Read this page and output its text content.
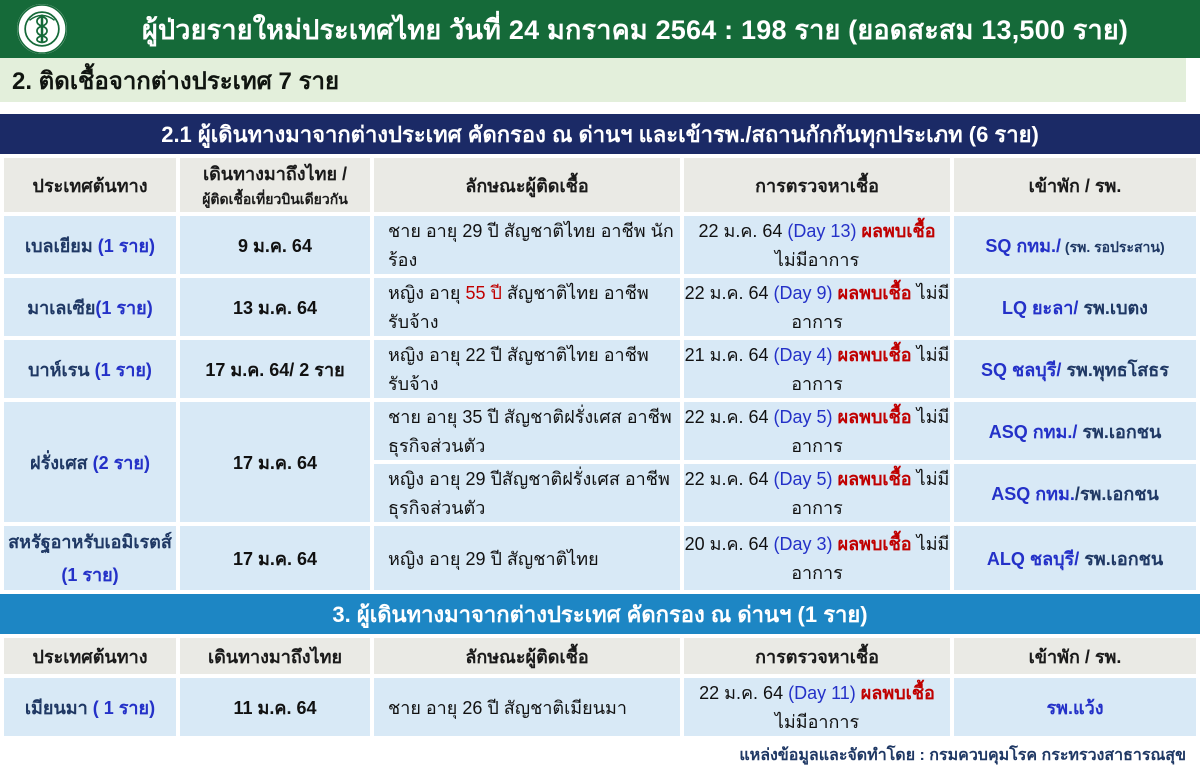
ผู้ป่วยรายใหม่ประเทศไทย วันที่ 24 มกราคม 2564 : 198 ราย (ยอดสะสม 13,500 ราย)
2. ติดเชื้อจากต่างประเทศ 7 ราย
2.1 ผู้เดินทางมาจากต่างประเทศ คัดกรอง ณ ด่านฯ และเข้ารพ./สถานกักกันทุกประเภท (6 ราย)
ประเทศต้นทาง	เดินทางมาถึงไทย /
ผู้ติดเชื้อเที่ยวบินเดียวกัน	ลักษณะผู้ติดเชื้อ	การตรวจหาเชื้อ	เข้าพัก / รพ.
เบลเยียม (1 ราย)	9 ม.ค. 64	ชาย อายุ 29 ปี สัญชาติไทย อาชีพ นักร้อง	22 ม.ค. 64 (Day 13) ผลพบเชื้อ ไม่มีอาการ	SQ กทม./ (รพ. รอประสาน)
มาเลเซีย(1 ราย)	13 ม.ค. 64	หญิง อายุ 55 ปี สัญชาติไทย อาชีพ รับจ้าง	22 ม.ค. 64 (Day 9) ผลพบเชื้อ ไม่มีอาการ	LQ ยะลา/ รพ.เบตง
บาห์เรน (1 ราย)	17 ม.ค. 64/ 2 ราย	หญิง อายุ 22 ปี สัญชาติไทย อาชีพ รับจ้าง	21 ม.ค. 64 (Day 4) ผลพบเชื้อ ไม่มีอาการ	SQ ชลบุรี/ รพ.พุทธโสธร
ฝรั่งเศส (2 ราย)	17 ม.ค. 64	ชาย อายุ 35 ปี สัญชาติฝรั่งเศส อาชีพธุรกิจส่วนตัว	22 ม.ค. 64 (Day 5) ผลพบเชื้อ ไม่มีอาการ	ASQ กทม./ รพ.เอกชน
		หญิง อายุ 29 ปีสัญชาติฝรั่งเศส อาชีพ ธุรกิจส่วนตัว	22 ม.ค. 64 (Day 5) ผลพบเชื้อ ไม่มีอาการ	ASQ กทม./รพ.เอกชน
สหรัฐอาหรับเอมิเรตส์
(1 ราย)	17 ม.ค. 64	หญิง อายุ 29 ปี สัญชาติไทย	20 ม.ค. 64 (Day 3) ผลพบเชื้อ ไม่มีอาการ	ALQ ชลบุรี/ รพ.เอกชน
3. ผู้เดินทางมาจากต่างประเทศ คัดกรอง ณ ด่านฯ (1 ราย)
ประเทศต้นทาง	เดินทางมาถึงไทย	ลักษณะผู้ติดเชื้อ	การตรวจหาเชื้อ	เข้าพัก / รพ.
เมียนมา ( 1 ราย)	11 ม.ค. 64	ชาย อายุ 26 ปี สัญชาติเมียนมา	22 ม.ค. 64 (Day 11) ผลพบเชื้อ ไม่มีอาการ	รพ.แว้ง
แหล่งข้อมูลและจัดทำโดย : กรมควบคุมโรค กระทรวงสาธารณสุข
